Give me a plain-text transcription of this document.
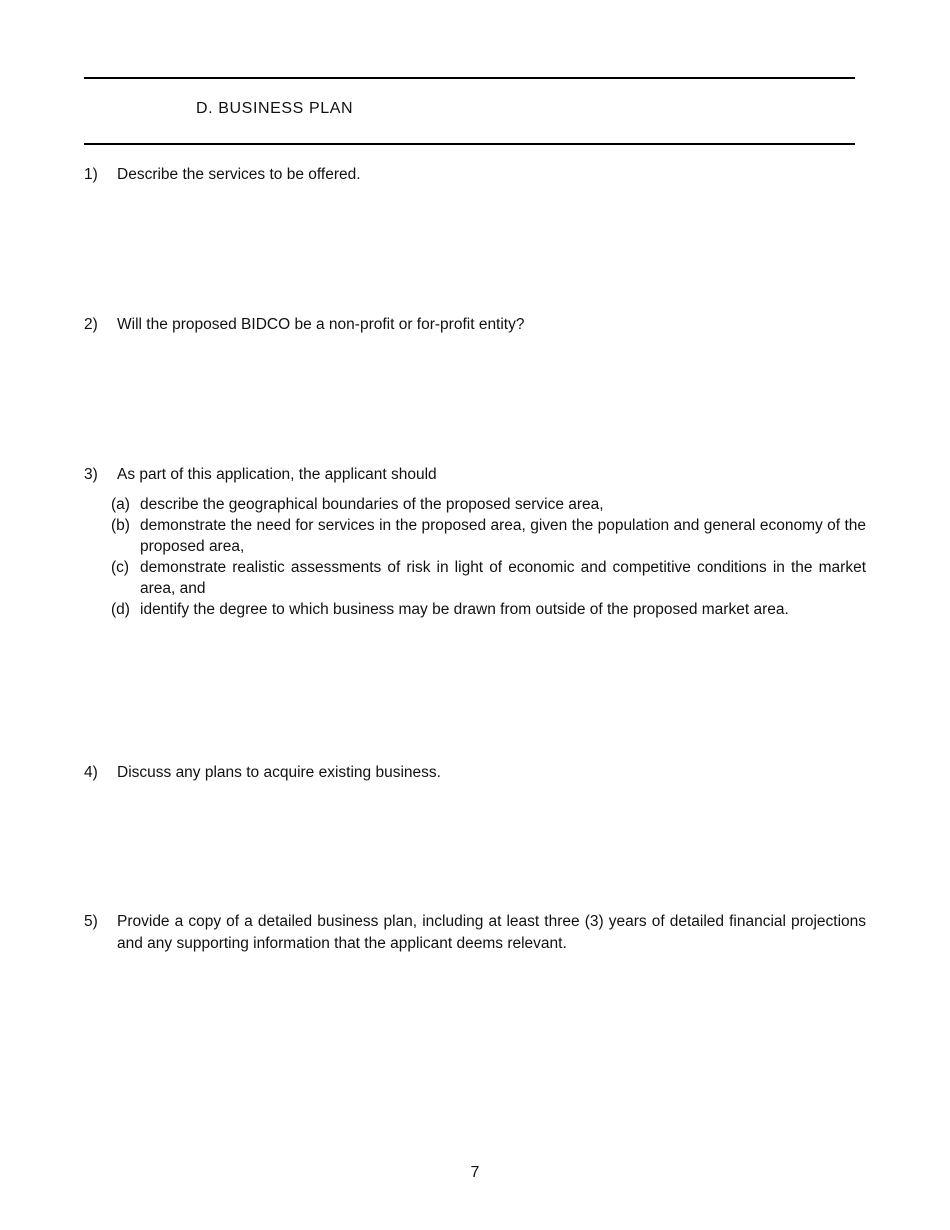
D. BUSINESS PLAN
1) Describe the services to be offered.
2) Will the proposed BIDCO be a non-profit or for-profit entity?
3) As part of this application, the applicant should
(a) describe the geographical boundaries of the proposed service area,
(b) demonstrate the need for services in the proposed area, given the population and general economy of the proposed area,
(c) demonstrate realistic assessments of risk in light of economic and competitive conditions in the market area, and
(d) identify the degree to which business may be drawn from outside of the proposed market area.
4) Discuss any plans to acquire existing business.
5) Provide a copy of a detailed business plan, including at least three (3) years of detailed financial projections and any supporting information that the applicant deems relevant.
7
